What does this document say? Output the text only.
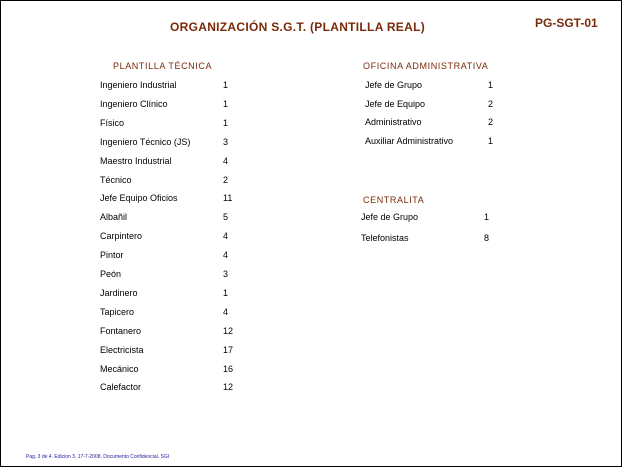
ORGANIZACIÓN S.G.T. (PLANTILLA REAL)	PG-SGT-01
PLANTILLA TÉCNICA
Ingeniero Industrial	1
Ingeniero Clínico	1
Físico	1
Ingeniero Técnico (JS)	3
Maestro Industrial	4
Técnico	2
Jefe Equipo Oficios	11
Albañil	5
Carpintero	4
Pintor	4
Peón	3
Jardinero	1
Tapicero	4
Fontanero	12
Electricista	17
Mecánico	16
Calefactor	12
OFICINA ADMINISTRATIVA
Jefe de Grupo	1
Jefe de Equipo	2
Administrativo	2
Auxiliar Administrativo	1
CENTRALITA
Jefe de Grupo	1
Telefonistas	8
Pag. 3 de 4. Edicion 3. 17-7-2008. Documento Confidencial. SGI
